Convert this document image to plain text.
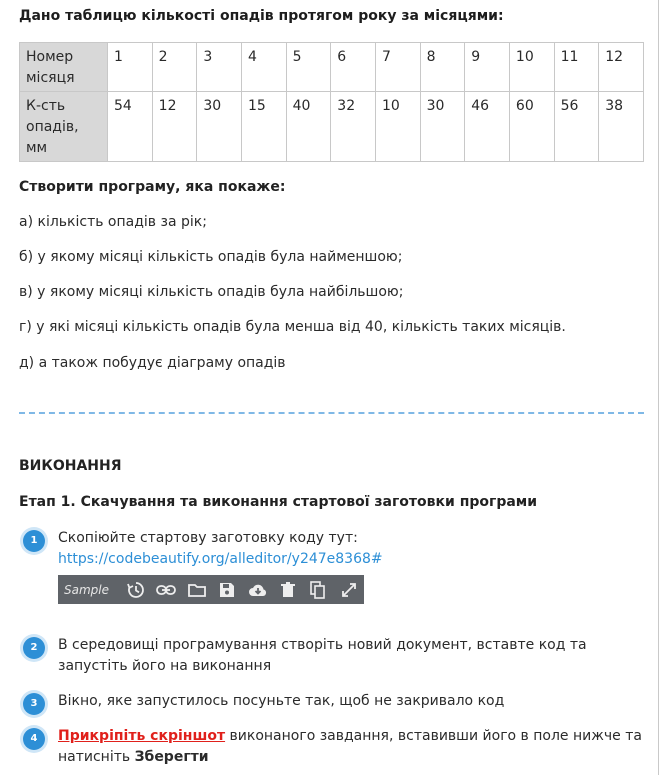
Дано таблицю кількості опадів протягом року за місяцями:
Номер місяця	1	2	3	4	5	6	7	8	9	10	11	12
К-сть опадів, мм	54	12	30	15	40	32	10	30	46	60	56	38
Створити програму, яка покаже:
а) кількість опадів за рік;
б) у якому місяці кількість опадів була найменшою;
в) у якому місяці кількість опадів була найбільшою;
г) у які місяці кількість опадів була менша від 40, кількість таких місяців.
д) а також побудує діаграму опадів
ВИКОНАННЯ
Етап 1. Скачування та виконання стартової заготовки програми
1	Скопіюйте стартову заготовку коду тут:
https://codebeautify.org/alleditor/y247e8368#
Sample
2	В середовищі програмування створіть новий документ, вставте код та запустіть його на виконання
3	Вікно, яке запустилось посуньте так, щоб не закривало код
4	Прикріпіть скріншот виконаного завдання, вставивши його в поле нижче та натисніть Зберегти
